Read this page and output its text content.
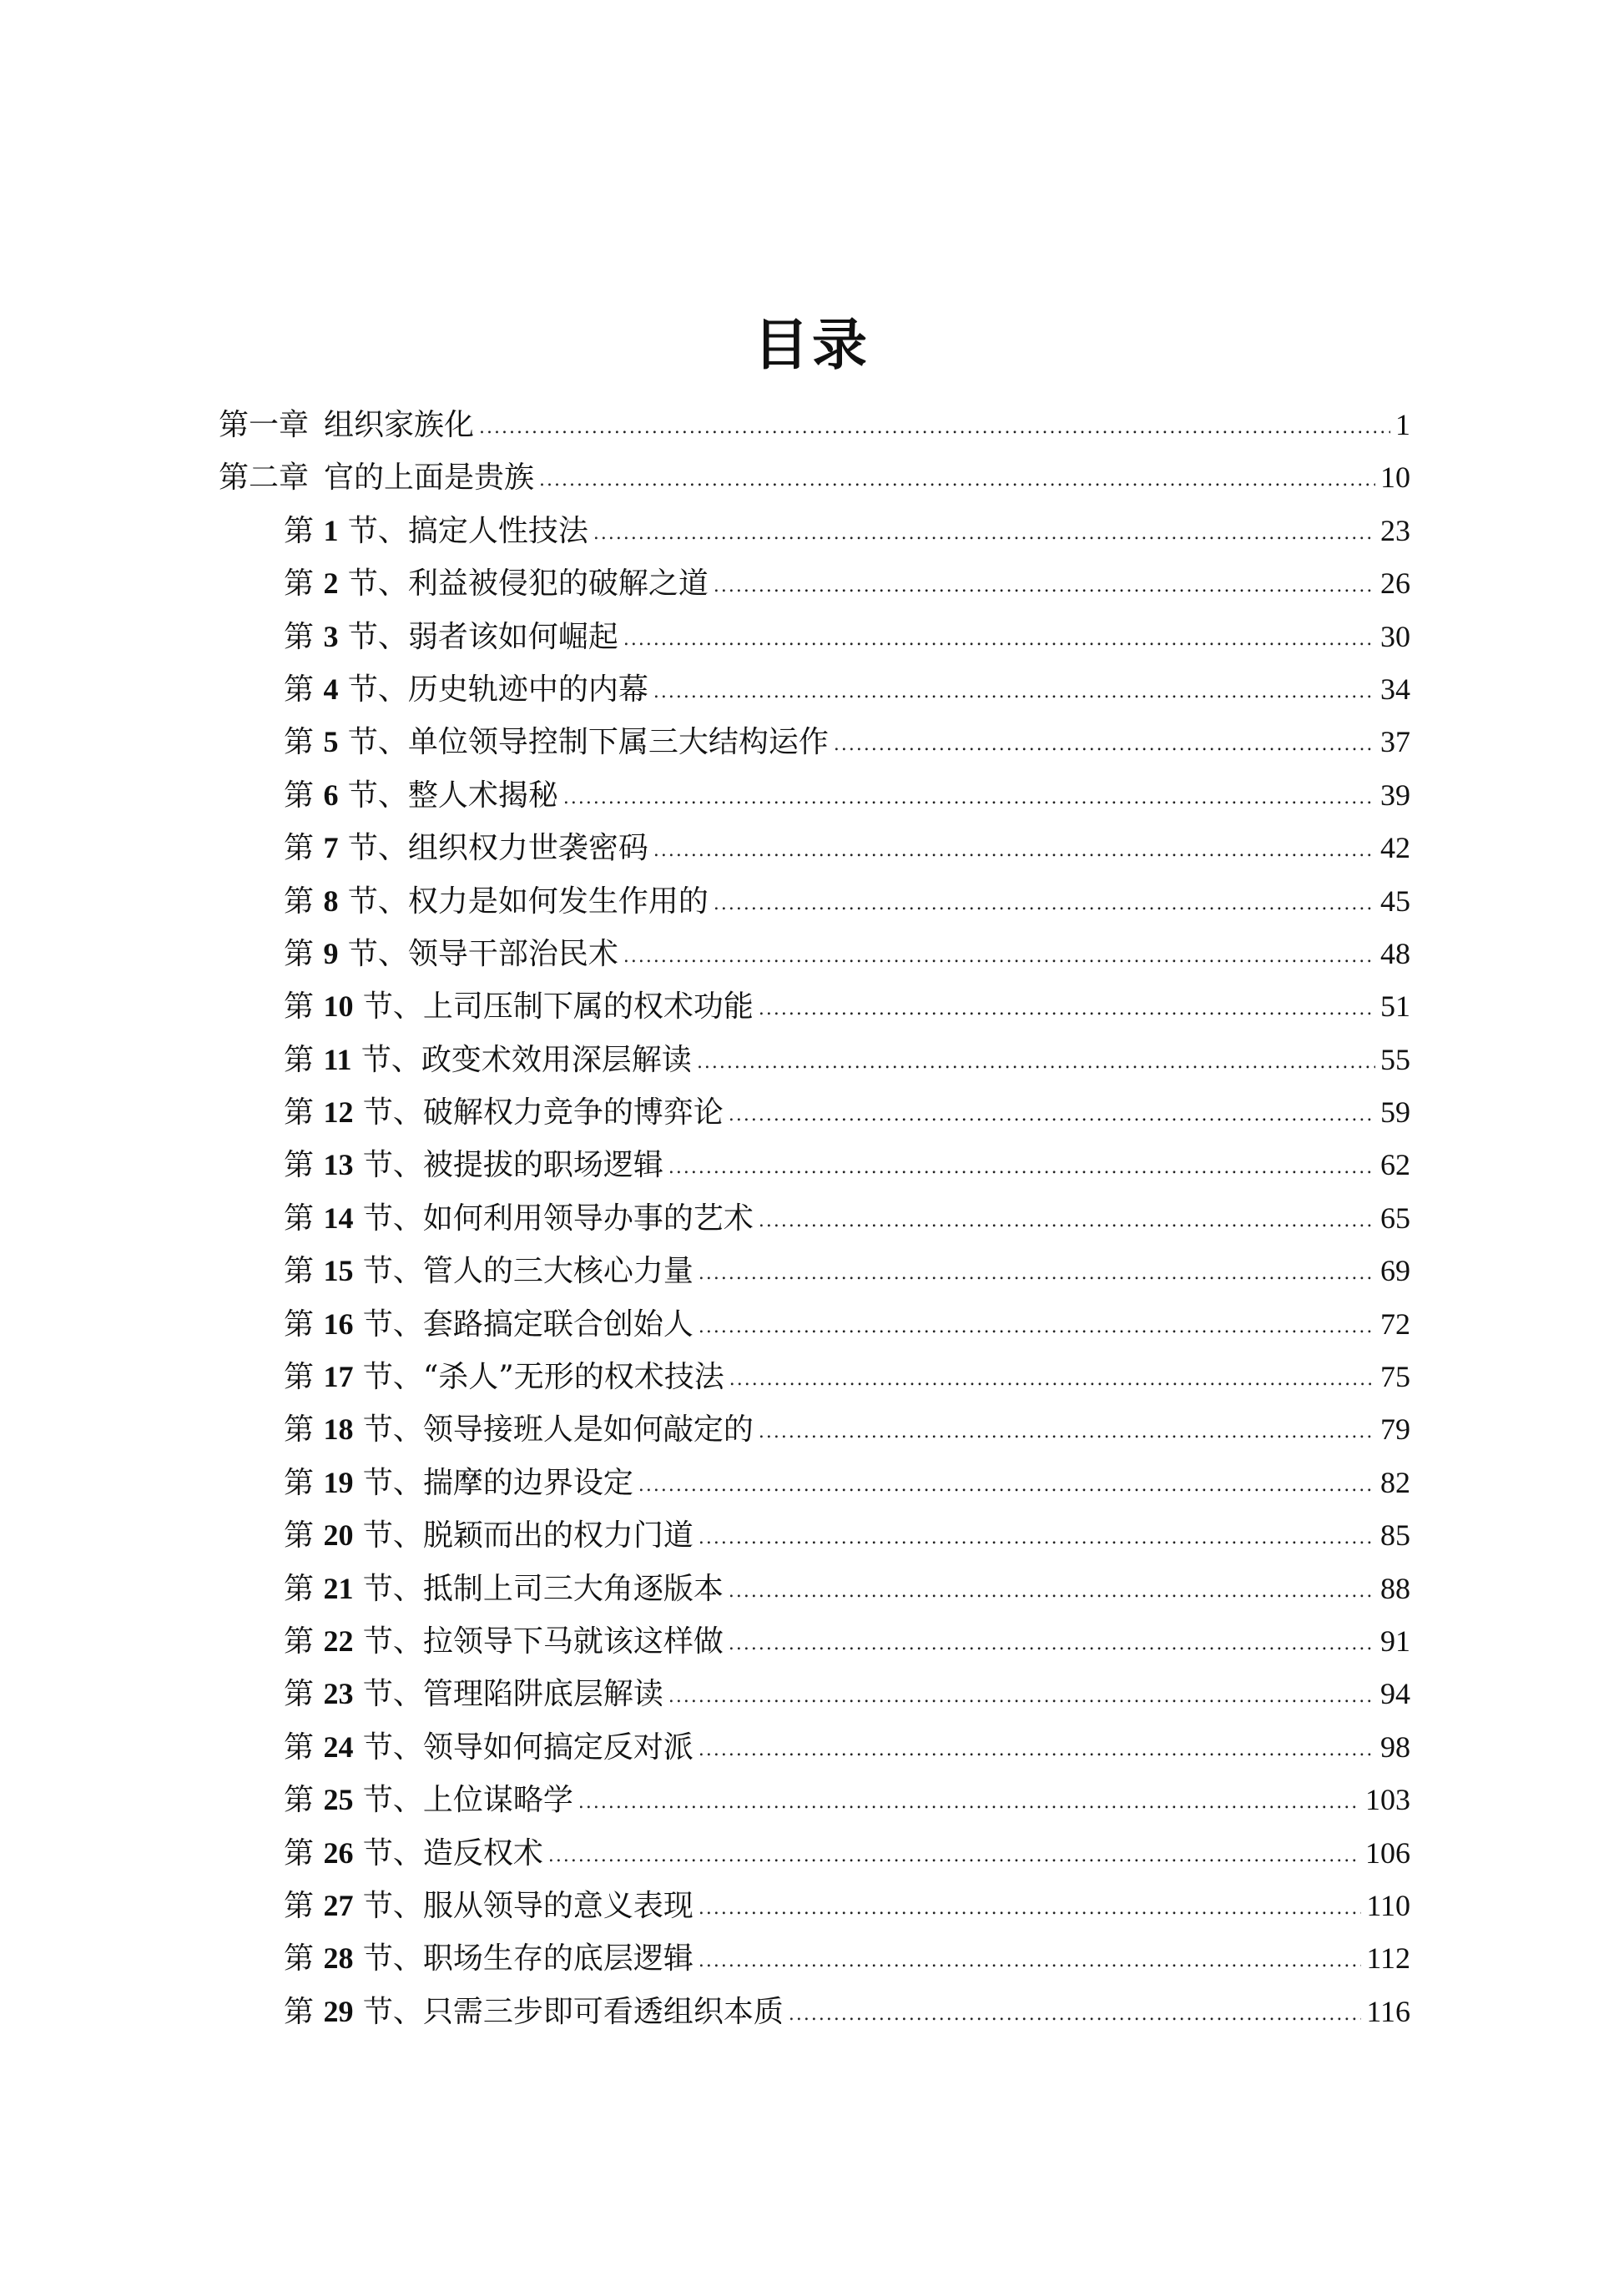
目录
第一章  组织家族化 .....	1
第二章  官的上面是贵族 .....	10
第 1 节、搞定人性技法 .....	23
第 2 节、利益被侵犯的破解之道 .....	26
第 3 节、弱者该如何崛起 .....	30
第 4 节、历史轨迹中的内幕 .....	34
第 5 节、单位领导控制下属三大结构运作 .....	37
第 6 节、整人术揭秘 .....	39
第 7 节、组织权力世袭密码 .....	42
第 8 节、权力是如何发生作用的 .....	45
第 9 节、领导干部治民术 .....	48
第 10 节、上司压制下属的权术功能 .....	51
第 11 节、政变术效用深层解读 .....	55
第 12 节、破解权力竞争的博弈论 .....	59
第 13 节、被提拔的职场逻辑 .....	62
第 14 节、如何利用领导办事的艺术 .....	65
第 15 节、管人的三大核心力量 .....	69
第 16 节、套路搞定联合创始人 .....	72
第 17 节、“杀人”无形的权术技法 .....	75
第 18 节、领导接班人是如何敲定的 .....	79
第 19 节、揣摩的边界设定 .....	82
第 20 节、脱颖而出的权力门道 .....	85
第 21 节、抵制上司三大角逐版本 .....	88
第 22 节、拉领导下马就该这样做 .....	91
第 23 节、管理陷阱底层解读 .....	94
第 24 节、领导如何搞定反对派 .....	98
第 25 节、上位谋略学 .....	103
第 26 节、造反权术 .....	106
第 27 节、服从领导的意义表现 .....	110
第 28 节、职场生存的底层逻辑 .....	112
第 29 节、只需三步即可看透组织本质 .....	116
